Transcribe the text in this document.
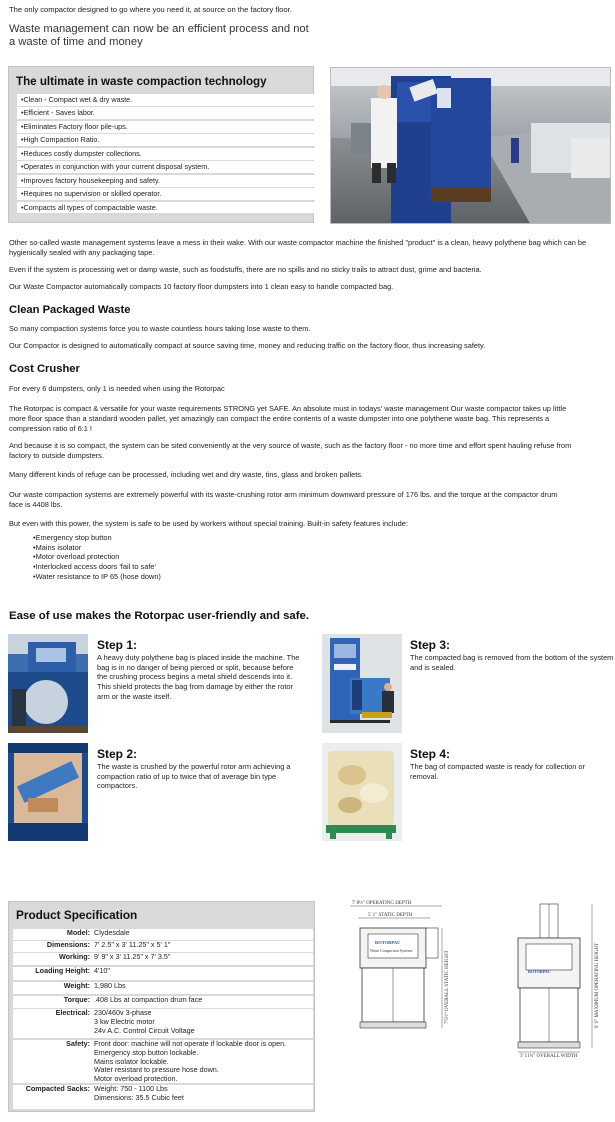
The only compactor designed to go where you need it, at source on the factory floor.
Waste management can now be an efficient process and not a waste of time and money
The ultimate in waste compaction technology
•Clean - Compact wet & dry waste.
•Efficient - Saves labor.
•Eliminates Factory floor pile-ups.
•High Compaction Ratio.
•Reduces costly dumpster collections.
•Operates in conjunction with your current disposal system.
•Improves factory housekeeping and safety.
•Requires no supervision or skilled operator.
•Compacts all types of compactable waste.
Other so-called waste management systems leave a mess in their wake. With our waste compactor machine the finished "product" is a clean, heavy polythene bag which can be hygienically sealed with any packaging tape.
Even if the system is processing wet or damp waste, such as foodstuffs, there are no spills and no sticky trails to attract dust, grime and bacteria.
Our Waste Compactor automatically compacts 10 factory floor dumpsters into 1 clean easy to handle compacted bag.
Clean Packaged Waste
So many compaction systems force you to waste countless hours taking lose waste to them.
Our Compactor is designed to automatically compact at source saving time, money and reducing traffic on the factory floor, thus increasing safety.
Cost Crusher
For every 6 dumpsters, only 1 is needed when using the Rotorpac
The Rotorpac is compact & versatile for your waste requirements STRONG yet SAFE. An absolute must in todays' waste management Our waste compactor takes up little more floor space than a standard wooden pallet, yet amazingly can compact the entire contents of a waste dumpster into one polythene waste bag. This represents a compression ratio of 6:1 !
And because it is so compact, the system can be sited conveniently at the very source of waste, such as the factory floor - no more time and effort spent hauling refuse from factory to outside dumpsters.
Many different kinds of refuge can be processed, including wet and dry waste, tins, glass and broken pallets.
Our waste compaction systems are extremely powerful with its waste-crushing rotor arm minimum downward pressure of 176 lbs. and the torque at the compactor drum face is 4408 lbs.
But even with this power, the system is safe to be used by workers without special training. Built-in safety features include:
• Emergency stop button
• Mains isolator
• Motor overload protection
• Interlocked access doors 'fail to safe'
• Water resistance to IP 65 (hose down)
Ease of use makes the Rotorpac user-friendly and safe.
Step 1:
A heavy duty polythene bag is placed inside the machine. The bag is in no danger of being pierced or split, because before the crushing process begins a metal shield descends into it. This shield protects the bag from damage by either the rotor arm or the waste itself.
Step 3:
The compacted bag is removed from the bottom of the system and is sealed.
Step 2:
The waste is crushed by the powerful rotor arm achieving a compaction ratio of up to twice that of average bin type compactors.
Step 4:
The bag of compacted waste is ready for collection or removal.
Product Specification
Model: Clydesdale
Dimensions: 7' 2.5" x 3' 11.25" x 5' 1"
Working: 9' 9" x 3' 11.25" x 7' 3.5"
Loading Height: 4'10"
Weight: 1,980 Lbs
Torque: .408 Lbs at compaction drum face
Electrical: 230/460v 3-phase
3 kw Electric motor
24v A.C. Control Circuit Voltage
Safety: Front door: machine will not operate if lockable door is open.
Emergency stop button lockable.
Mains isolator lockable.
Water resistant to pressure hose down.
Motor overload protection.
Compacted Sacks: Weight: 750 - 1100 Lbs
Dimensions: 35.5 Cubic feet
7' 8½" OPERATING DEPTH
5' 1" STATIC DEPTH
ROTORPAC
Waste Compaction Systems	7'5½" OVERALL STATIC HEIGHT	ROTORPAC	9' 9" MAXIMUM OPERATING HEIGHT
3' 11¼" OVERALL WIDTH
